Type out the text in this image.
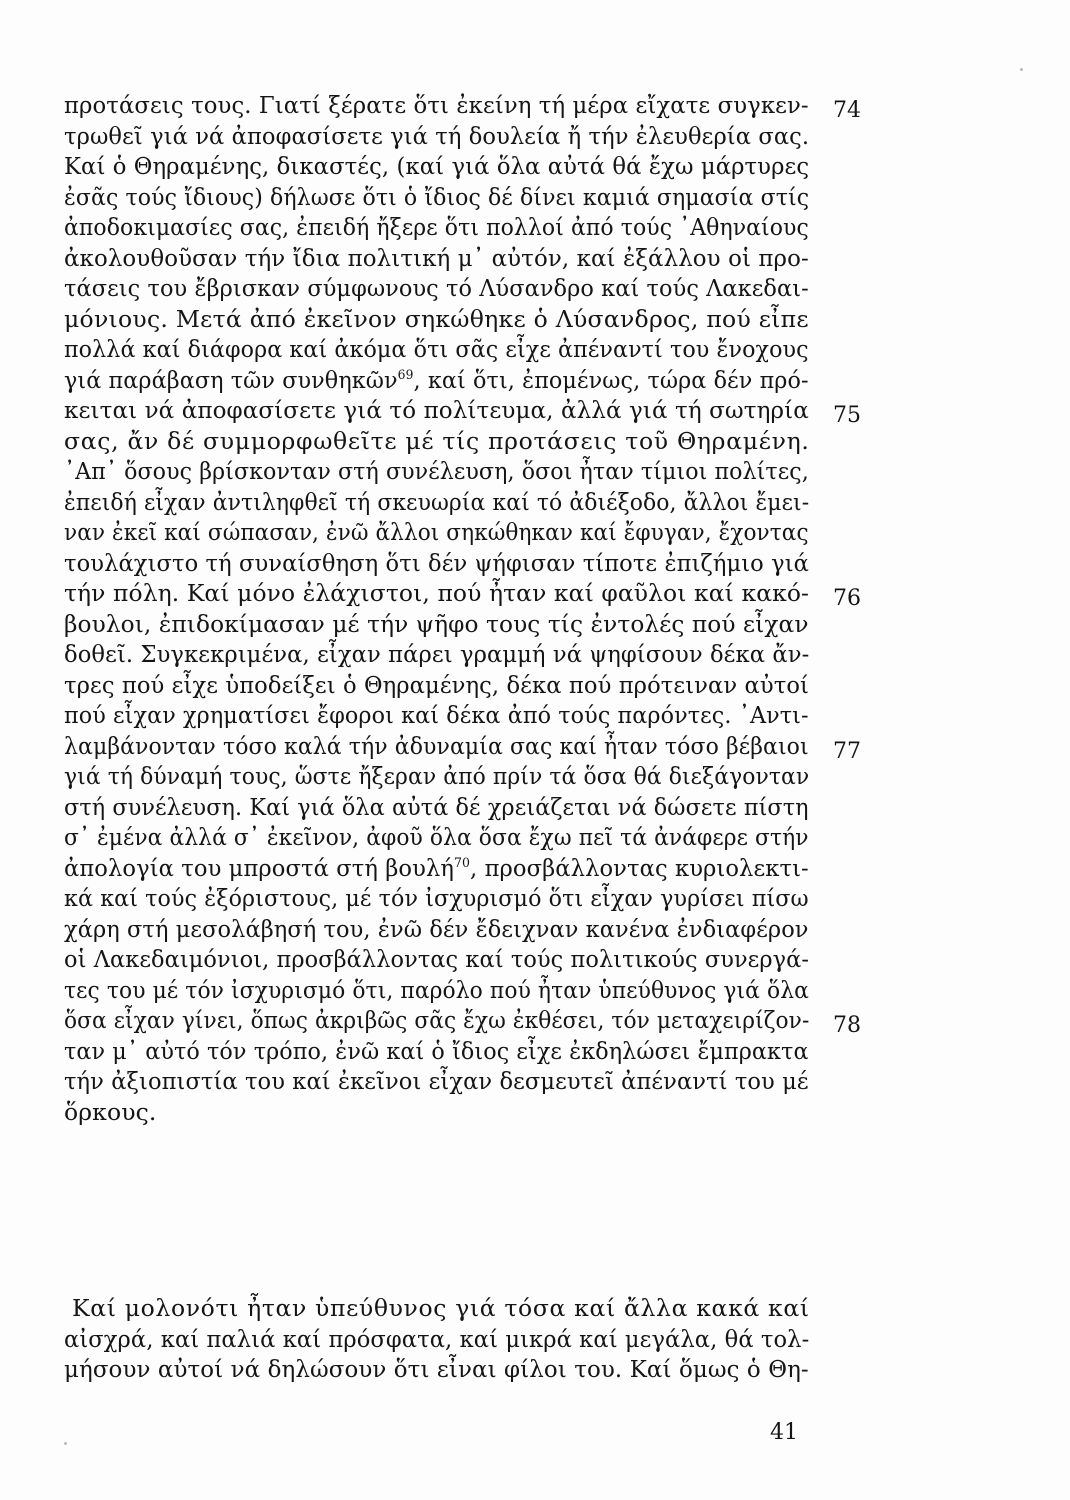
προτάσεις τους. Γιατί ξέρατε ὅτι ἐκείνη τή μέρα εἴχατε συγκεν-
τρωθεῖ γιά νά ἀποφασίσετε γιά τή δουλεία ἤ τήν ἐλευθερία σας.
Καί ὁ Θηραμένης, δικαστές, (καί γιά ὅλα αὐτά θά ἔχω μάρτυρες
ἐσᾶς τούς ἴδιους) δήλωσε ὅτι ὁ ἴδιος δέ δίνει καμιά σημασία στίς
ἀποδοκιμασίες σας, ἐπειδή ἤξερε ὅτι πολλοί ἀπό τούς ᾿Αθηναίους
ἀκολουθοῦσαν τήν ἴδια πολιτική μ᾿ αὐτόν, καί ἐξάλλου οἱ προ-
τάσεις του ἔβρισκαν σύμφωνους τό Λύσανδρο καί τούς Λακεδαι-
μόνιους. Μετά ἀπό ἐκεῖνον σηκώθηκε ὁ Λύσανδρος, πού εἶπε
πολλά καί διάφορα καί ἀκόμα ὅτι σᾶς εἶχε ἀπέναντί του ἔνοχους
γιά παράβαση τῶν συνθηκῶν$^{69}$, καί ὅτι, ἐπομένως, τώρα δέν πρό-
κειται νά ἀποφασίσετε γιά τό πολίτευμα, ἀλλά γιά τή σωτηρία
σας, ἄν δέ συμμορφωθεῖτε μέ τίς προτάσεις τοῦ Θηραμένη.
᾿Απ᾿ ὅσους βρίσκονταν στή συνέλευση, ὅσοι ἦταν τίμιοι πολίτες,
ἐπειδή εἶχαν ἀντιληφθεῖ τή σκευωρία καί τό ἀδιέξοδο, ἄλλοι ἔμει-
ναν ἐκεῖ καί σώπασαν, ἐνῶ ἄλλοι σηκώθηκαν καί ἔφυγαν, ἔχοντας
τουλάχιστο τή συναίσθηση ὅτι δέν ψήφισαν τίποτε ἐπιζήμιο γιά
τήν πόλη. Καί μόνο ἐλάχιστοι, πού ἦταν καί φαῦλοι καί κακό-
βουλοι, ἐπιδοκίμασαν μέ τήν ψῆφο τους τίς ἐντολές πού εἶχαν
δοθεῖ. Συγκεκριμένα, εἶχαν πάρει γραμμή νά ψηφίσουν δέκα ἄν-
τρες πού εἶχε ὑποδείξει ὁ Θηραμένης, δέκα πού πρότειναν αὐτοί
πού εἶχαν χρηματίσει ἔφοροι καί δέκα ἀπό τούς παρόντες. ᾿Αντι-
λαμβάνονταν τόσο καλά τήν ἀδυναμία σας καί ἦταν τόσο βέβαιοι
γιά τή δύναμή τους, ὥστε ἤξεραν ἀπό πρίν τά ὅσα θά διεξάγονταν
στή συνέλευση. Καί γιά ὅλα αὐτά δέ χρειάζεται νά δώσετε πίστη
σ᾿ ἐμένα ἀλλά σ᾿ ἐκεῖνον, ἀφοῦ ὅλα ὅσα ἔχω πεῖ τά ἀνάφερε στήν
ἀπολογία του μπροστά στή βουλή$^{70}$, προσβάλλοντας κυριολεκτι-
κά καί τούς ἐξόριστους, μέ τόν ἰσχυρισμό ὅτι εἶχαν γυρίσει πίσω
χάρη στή μεσολάβησή του, ἐνῶ δέν ἔδειχναν κανένα ἐνδιαφέρον
οἱ Λακεδαιμόνιοι, προσβάλλοντας καί τούς πολιτικούς συνεργά-
τες του μέ τόν ἰσχυρισμό ὅτι, παρόλο πού ἦταν ὑπεύθυνος γιά ὅλα
ὅσα εἶχαν γίνει, ὅπως ἀκριβῶς σᾶς ἔχω ἐκθέσει, τόν μεταχειρίζον-
ταν μ᾿ αὐτό τόν τρόπο, ἐνῶ καί ὁ ἴδιος εἶχε ἐκδηλώσει ἔμπρακτα
τήν ἀξιοπιστία του καί ἐκεῖνοι εἶχαν δεσμευτεῖ ἀπέναντί του μέ
ὅρκους.
Καί μολονότι ἦταν ὑπεύθυνος γιά τόσα καί ἄλλα κακά καί
αἰσχρά, καί παλιά καί πρόσφατα, καί μικρά καί μεγάλα, θά τολ-
μήσουν αὐτοί νά δηλώσουν ὅτι εἶναι φίλοι του. Καί ὅμως ὁ Θη-
74
75
76
77
78
41
